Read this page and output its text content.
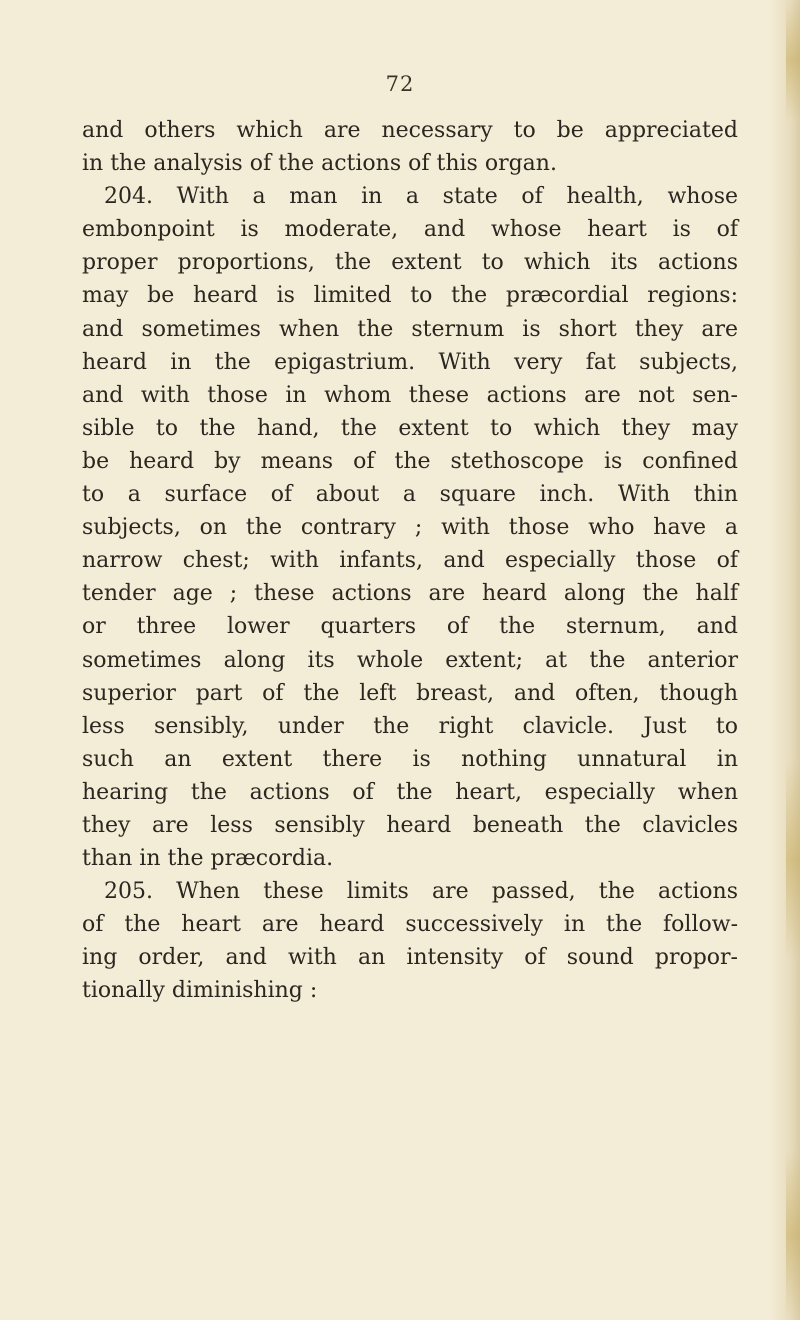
72
and others which are necessary to be appreciated
in the analysis of the actions of this organ.
204. With a man in a state of health, whose
embonpoint is moderate, and whose heart is of
proper proportions, the extent to which its actions
may be heard is limited to the præcordial regions:
and sometimes when the sternum is short they are
heard in the epigastrium. With very fat subjects,
and with those in whom these actions are not sen-
sible to the hand, the extent to which they may
be heard by means of the stethoscope is confined
to a surface of about a square inch. With thin
subjects, on the contrary ; with those who have a
narrow chest; with infants, and especially those of
tender age ; these actions are heard along the half
or three lower quarters of the sternum, and
sometimes along its whole extent; at the anterior
superior part of the left breast, and often, though
less sensibly, under the right clavicle. Just to
such an extent there is nothing unnatural in
hearing the actions of the heart, especially when
they are less sensibly heard beneath the clavicles
than in the præcordia.
205. When these limits are passed, the actions
of the heart are heard successively in the follow-
ing order, and with an intensity of sound propor-
tionally diminishing :
